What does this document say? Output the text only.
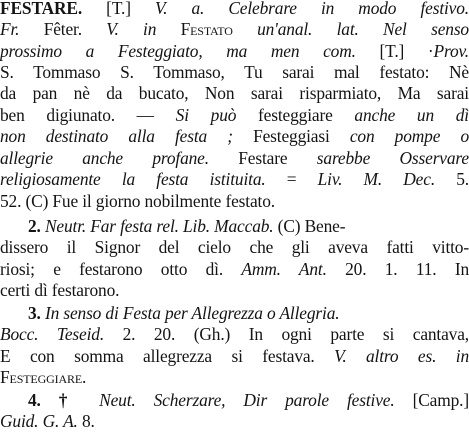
FESTARE. [T.] V. a. Celebrare in modo festivo.
Fr. Fêter. V. in Festato un'anal. lat. Nel senso
prossimo a Festeggiato, ma men com. [T.] ·Prov.
S. Tommaso S. Tommaso, Tu sarai mal festato: Nè
da pan nè da bucato, Non sarai risparmiato, Ma sarai
ben digiunato. — Si può festeggiare anche un dì
non destinato alla festa ; Festeggiasi con pompe o
allegrie anche profane. Festare sarebbe Osservare
religiosamente la festa istituita. = Liv. M. Dec. 5.
52. (C) Fue il giorno nobilmente festato.
2. Neutr. Far festa rel. Lib. Maccab. (C) Bene-
dissero il Signor del cielo che gli aveva fatti vitto-
riosi; e festarono otto dì. Amm. Ant. 20. 1. 11. In
certi dì festarono.
3. In senso di Festa per Allegrezza o Allegria.
Bocc. Teseid. 2. 20. (Gh.) In ogni parte si cantava,
E con somma allegrezza si festava. V. altro es. in
Festeggiare.
4. † Neut. Scherzare, Dir parole festive. [Camp.]
Guid. G. A. 8.
